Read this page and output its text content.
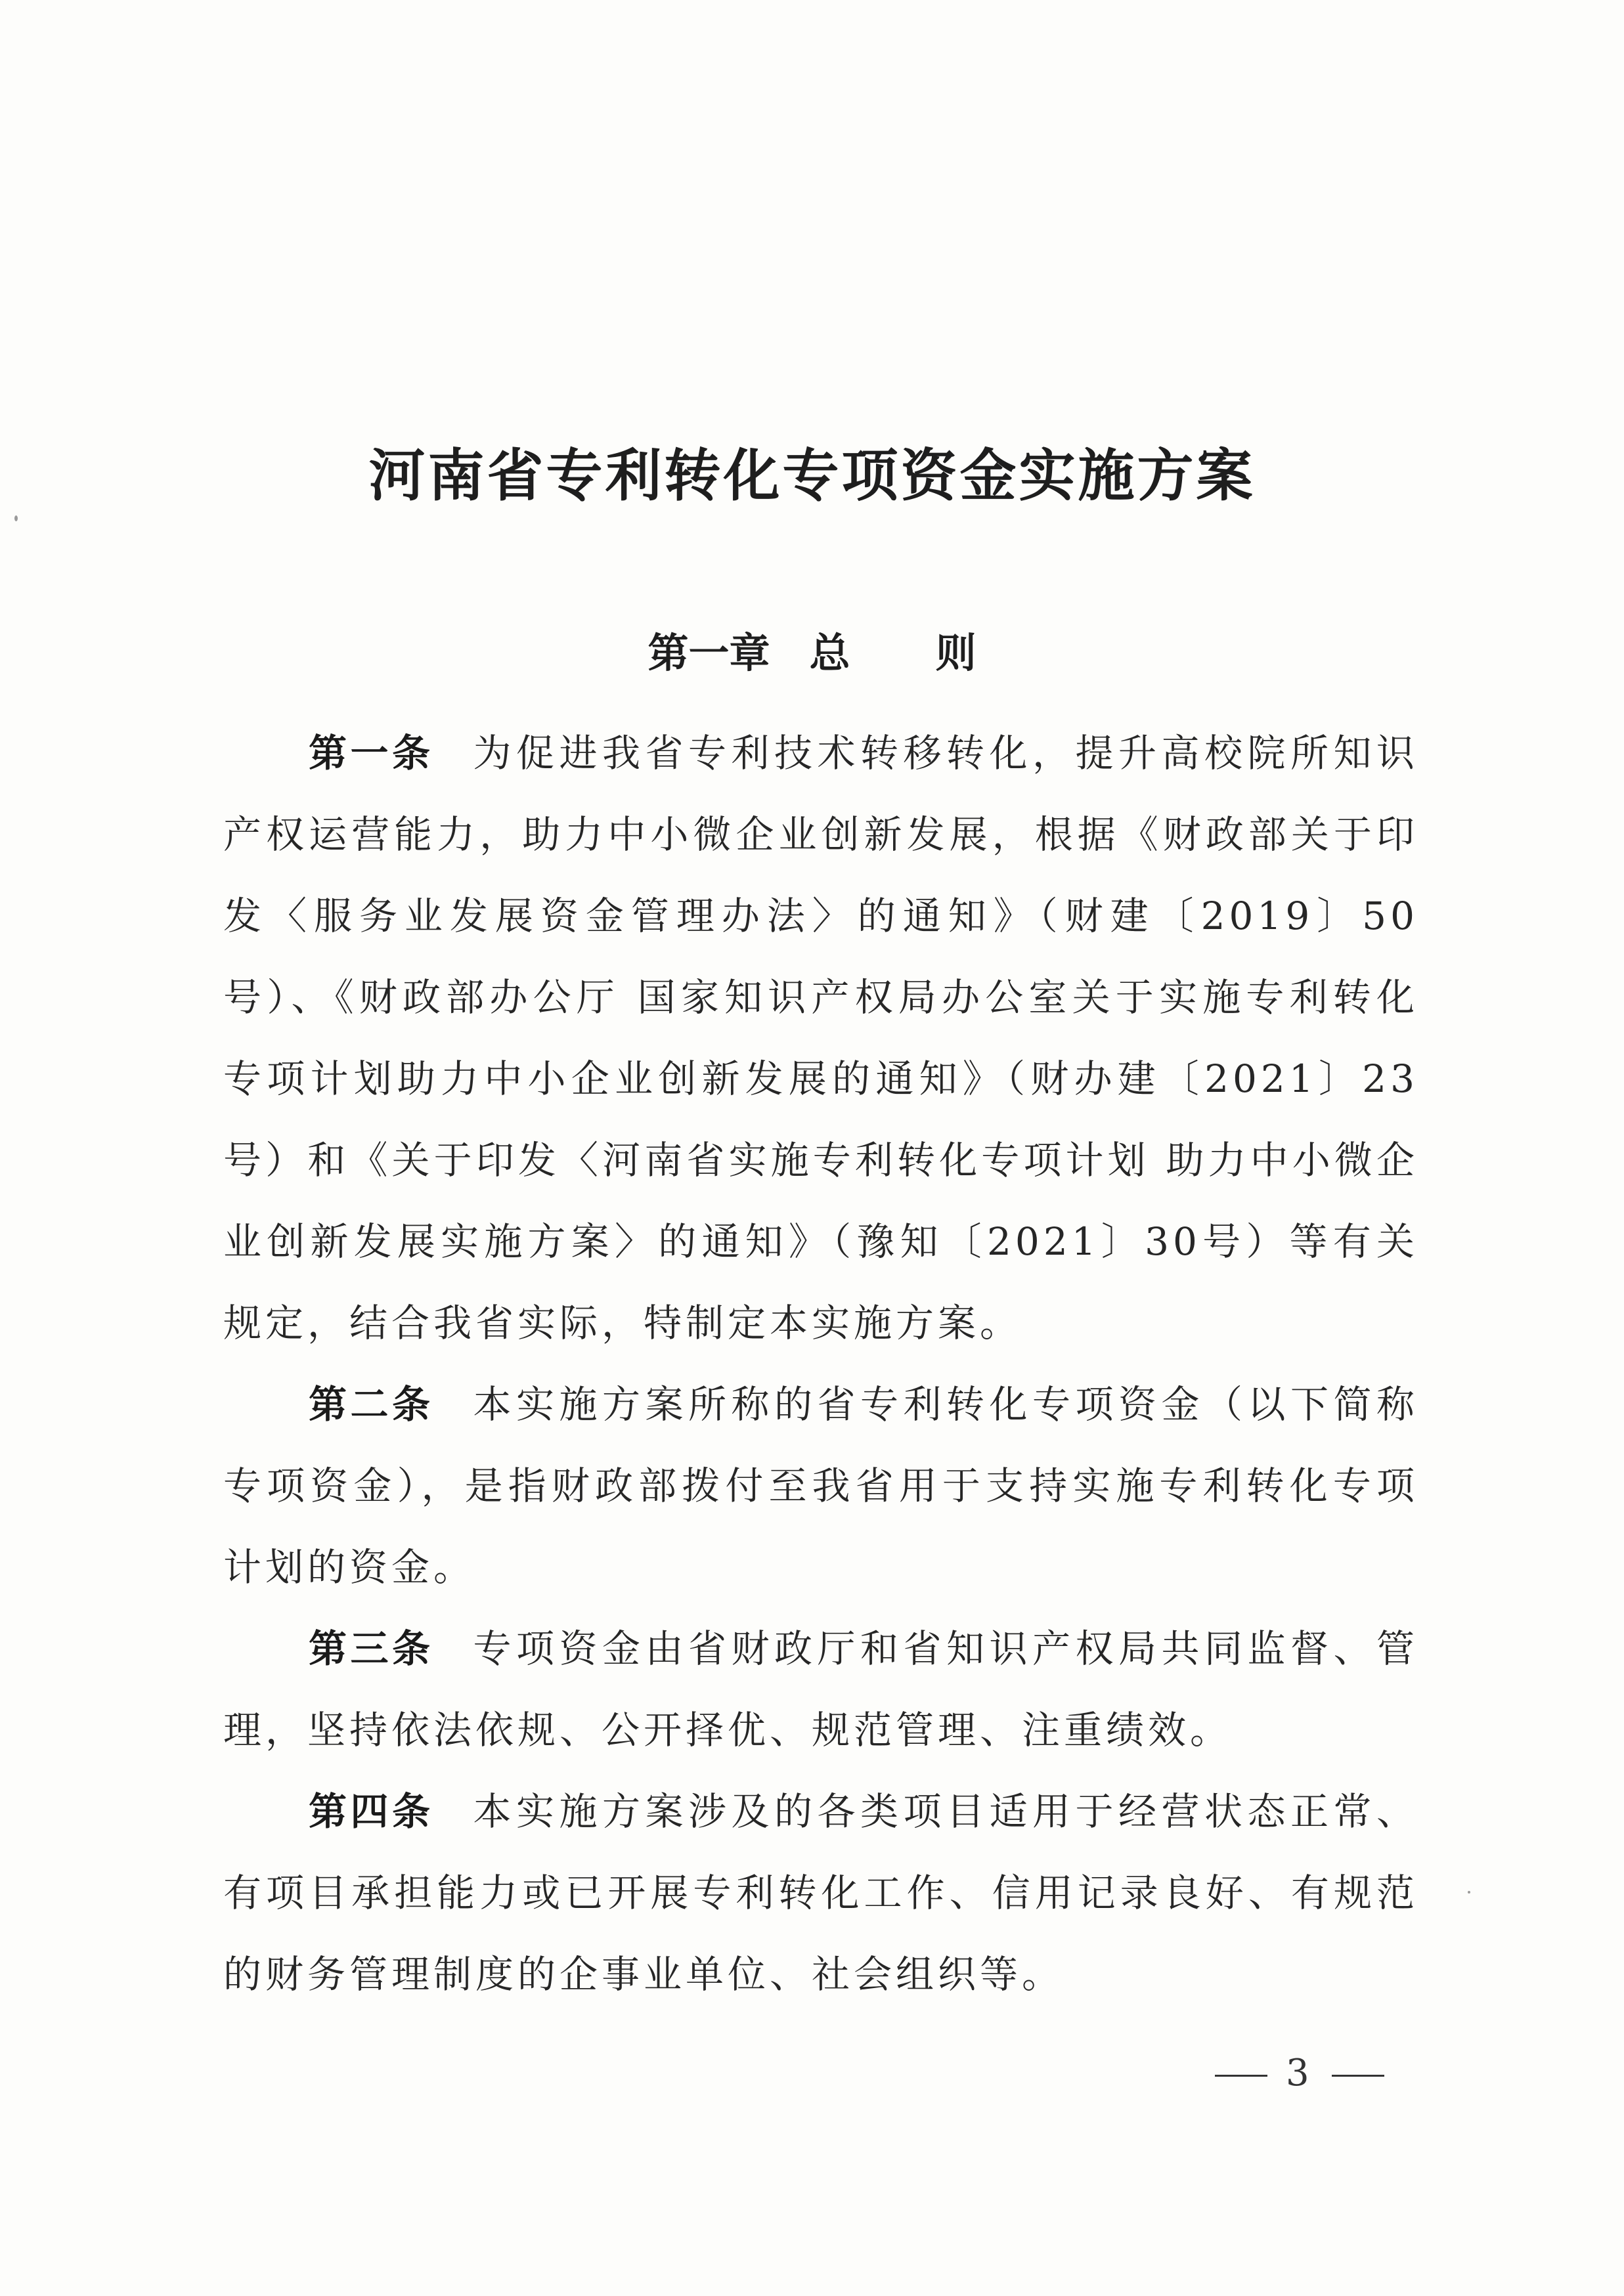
河南省专利转化专项资金实施方案
第一章 总 则

第一条 为促进我省专利技术转移转化，提升高校院所知识产权运营能力，助力中小微企业创新发展，根据《财政部关于印发〈服务业发展资金管理办法〉的通知》（财建〔2019〕50号）、《财政部办公厅 国家知识产权局办公室关于实施专利转化专项计划助力中小企业创新发展的通知》（财办建〔2021〕23号）和《关于印发〈河南省实施专利转化专项计划 助力中小微企业创新发展实施方案〉的通知》（豫知〔2021〕30号）等有关规定，结合我省实际，特制定本实施方案。

第二条 本实施方案所称的省专利转化专项资金（以下简称专项资金），是指财政部拨付至我省用于支持实施专利转化专项计划的资金。

第三条 专项资金由省财政厅和省知识产权局共同监督、管理，坚持依法依规、公开择优、规范管理、注重绩效。

第四条 本实施方案涉及的各类项目适用于经营状态正常、有项目承担能力或已开展专利转化工作、信用记录良好、有规范的财务管理制度的企事业单位、社会组织等。

3
